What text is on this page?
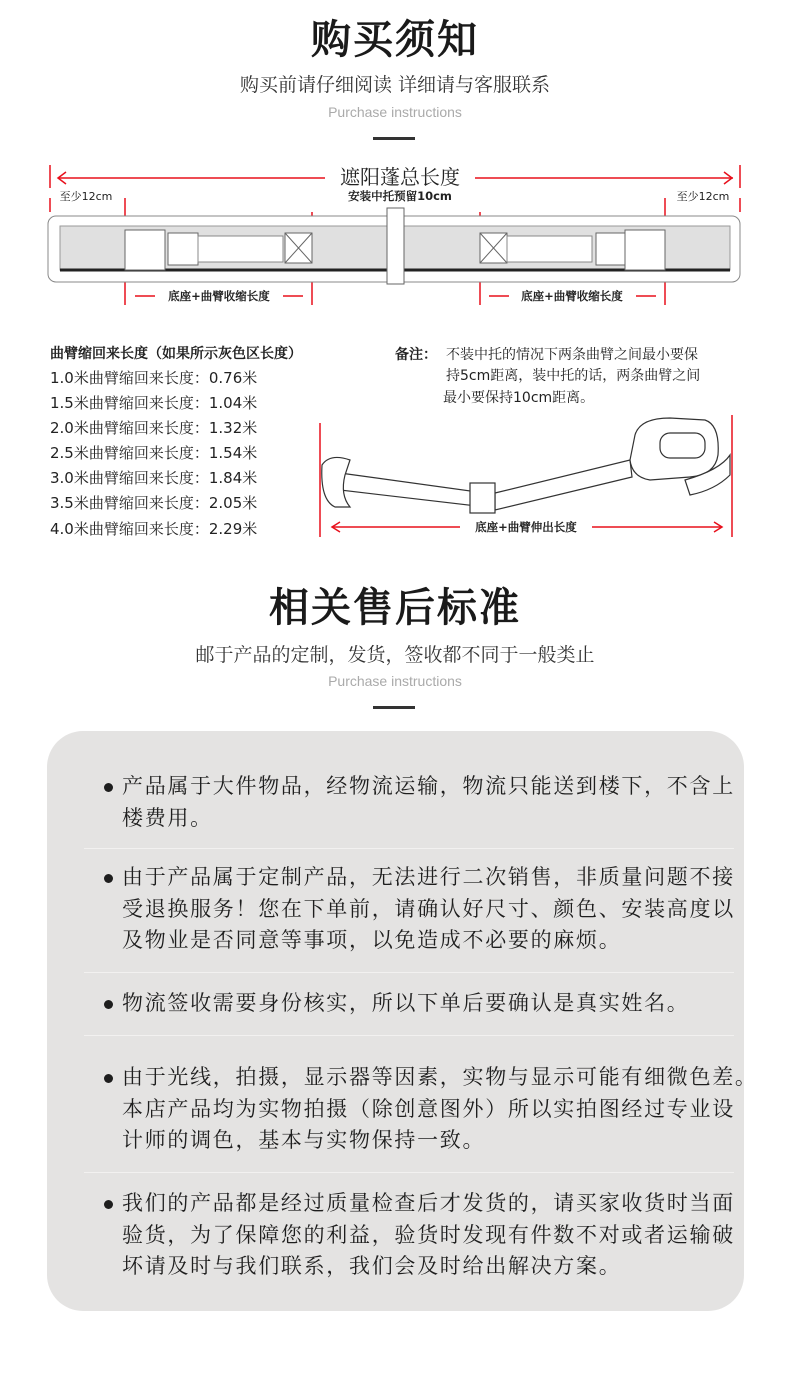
购买须知
购买前请仔细阅读 详细请与客服联系
Purchase instructions
至少12cm	至少12cm
遮阳蓬总长度
安装中托预留10cm
底座+曲臂收缩长度	底座+曲臂收缩长度
曲臂缩回来长度（如果所示灰色区长度）
1.0米曲臂缩回来长度：0.76米
1.5米曲臂缩回来长度：1.04米
2.0米曲臂缩回来长度：1.32米
2.5米曲臂缩回来长度：1.54米
3.0米曲臂缩回来长度：1.84米
3.5米曲臂缩回来长度：2.05米
4.0米曲臂缩回来长度：2.29米
备注： 不装中托的情况下两条曲臂之间最小要保
持5cm距离，装中托的话，两条曲臂之间
最小要保持10cm距离。
底座+曲臂伸出长度
相关售后标准
邮于产品的定制，发货，签收都不同于一般类止
Purchase instructions
产品属于大件物品，经物流运输，物流只能送到楼下，不含上
楼费用。
由于产品属于定制产品，无法进行二次销售，非质量问题不接
受退换服务！您在下单前，请确认好尺寸、颜色、安装高度以
及物业是否同意等事项，以免造成不必要的麻烦。
物流签收需要身份核实，所以下单后要确认是真实姓名。
由于光线，拍摄，显示器等因素，实物与显示可能有细微色差。
本店产品均为实物拍摄（除创意图外）所以实拍图经过专业设
计师的调色，基本与实物保持一致。
我们的产品都是经过质量检查后才发货的，请买家收货时当面
验货，为了保障您的利益，验货时发现有件数不对或者运输破
坏请及时与我们联系，我们会及时给出解决方案。
